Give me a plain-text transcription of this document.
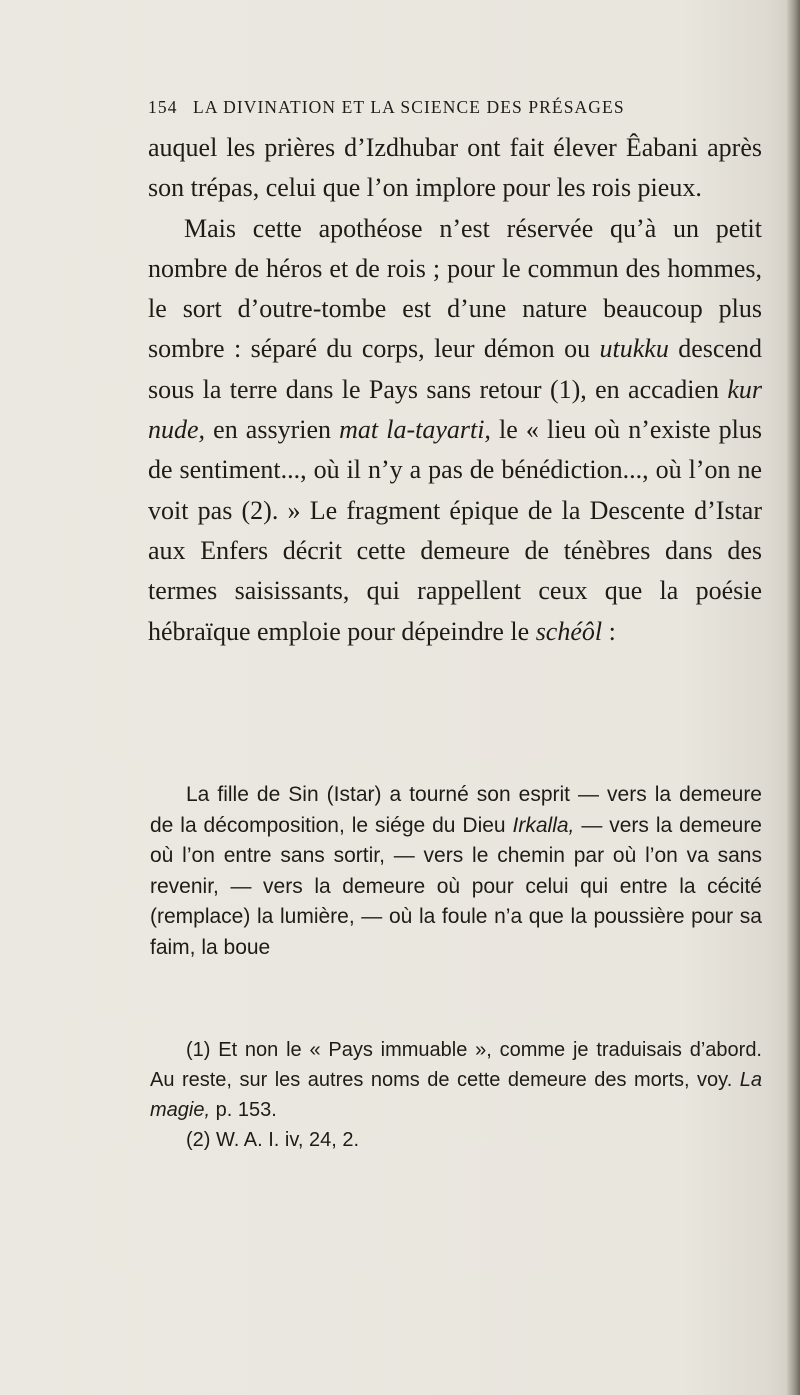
154 LA DIVINATION ET LA SCIENCE DES PRÉSAGES

auquel les prières d’Izdhubar ont fait élever Êabani après son trépas, celui que l’on implore pour les rois pieux.

Mais cette apothéose n’est réservée qu’à un petit nombre de héros et de rois ; pour le commun des hommes, le sort d’outre-tombe est d’une nature beaucoup plus sombre : séparé du corps, leur démon ou utukku descend sous la terre dans le Pays sans retour (1), en accadien kur nude, en assyrien mat la-tayarti, le « lieu où n’existe plus de sentiment..., où il n’y a pas de bénédiction..., où l’on ne voit pas (2). » Le fragment épique de la Descente d’Istar aux Enfers décrit cette demeure de ténèbres dans des termes saisissants, qui rappellent ceux que la poésie hébraïque emploie pour dépeindre le schéôl :

La fille de Sin (Istar) a tourné son esprit — vers la demeure de la décomposition, le siége du Dieu Irkalla, — vers la demeure où l’on entre sans sortir, — vers le chemin par où l’on va sans revenir, — vers la demeure où pour celui qui entre la cécité (remplace) la lumière, — où la foule n’a que la poussière pour sa faim, la boue

(1) Et non le « Pays immuable », comme je traduisais d’abord. Au reste, sur les autres noms de cette demeure des morts, voy. La magie, p. 153.

(2) W. A. I. iv, 24, 2.
